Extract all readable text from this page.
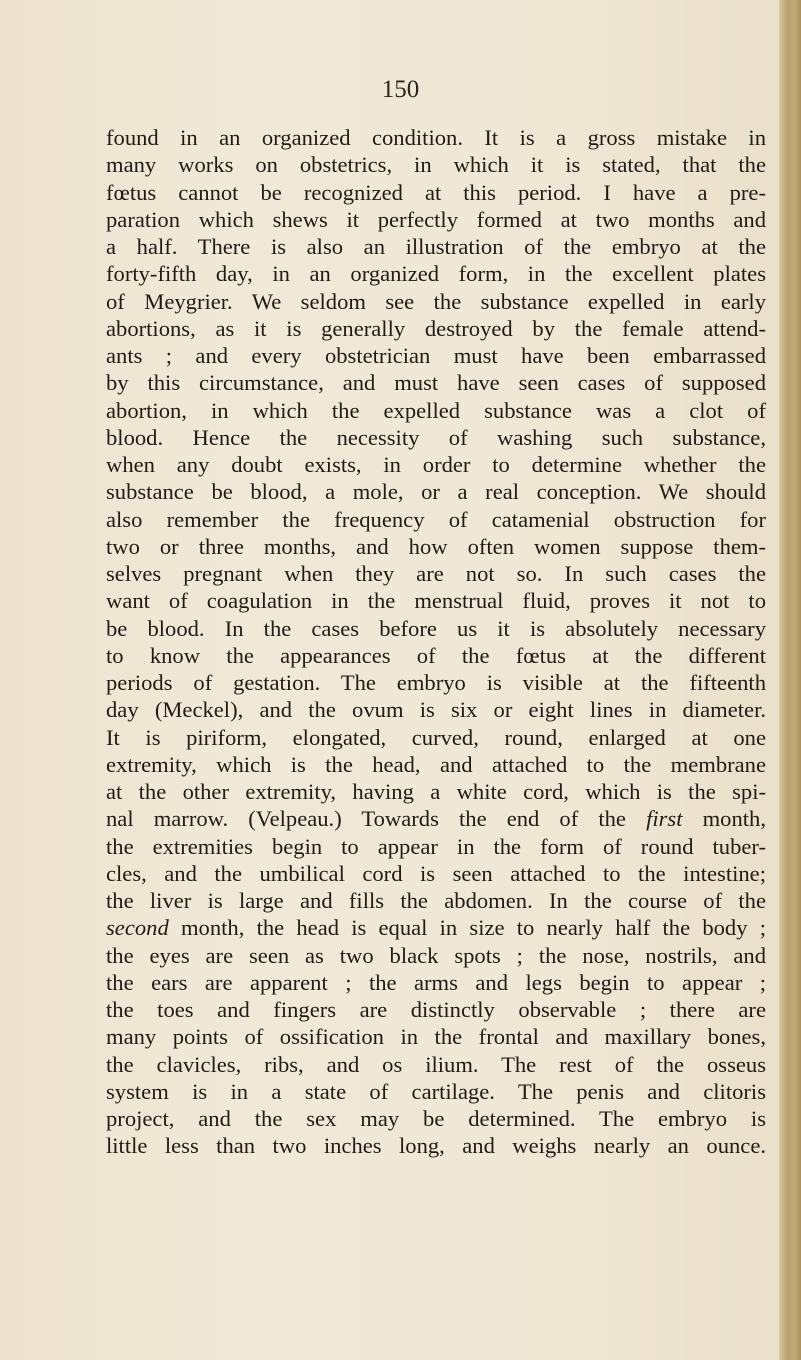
150
found in an organized condition. It is a gross mistake in
many works on obstetrics, in which it is stated, that the
fœtus cannot be recognized at this period. I have a pre-
paration which shews it perfectly formed at two months and
a half. There is also an illustration of the embryo at the
forty-fifth day, in an organized form, in the excellent plates
of Meygrier. We seldom see the substance expelled in early
abortions, as it is generally destroyed by the female attend-
ants ; and every obstetrician must have been embarrassed
by this circumstance, and must have seen cases of supposed
abortion, in which the expelled substance was a clot of
blood. Hence the necessity of washing such substance,
when any doubt exists, in order to determine whether the
substance be blood, a mole, or a real conception. We should
also remember the frequency of catamenial obstruction for
two or three months, and how often women suppose them-
selves pregnant when they are not so. In such cases the
want of coagulation in the menstrual fluid, proves it not to
be blood. In the cases before us it is absolutely necessary
to know the appearances of the fœtus at the different
periods of gestation. The embryo is visible at the fifteenth
day (Meckel), and the ovum is six or eight lines in diameter.
It is piriform, elongated, curved, round, enlarged at one
extremity, which is the head, and attached to the membrane
at the other extremity, having a white cord, which is the spi-
nal marrow. (Velpeau.) Towards the end of the first month,
the extremities begin to appear in the form of round tuber-
cles, and the umbilical cord is seen attached to the intestine;
the liver is large and fills the abdomen. In the course of the
second month, the head is equal in size to nearly half the body ;
the eyes are seen as two black spots ; the nose, nostrils, and
the ears are apparent ; the arms and legs begin to appear ;
the toes and fingers are distinctly observable ; there are
many points of ossification in the frontal and maxillary bones,
the clavicles, ribs, and os ilium. The rest of the osseus
system is in a state of cartilage. The penis and clitoris
project, and the sex may be determined. The embryo is
little less than two inches long, and weighs nearly an ounce.
